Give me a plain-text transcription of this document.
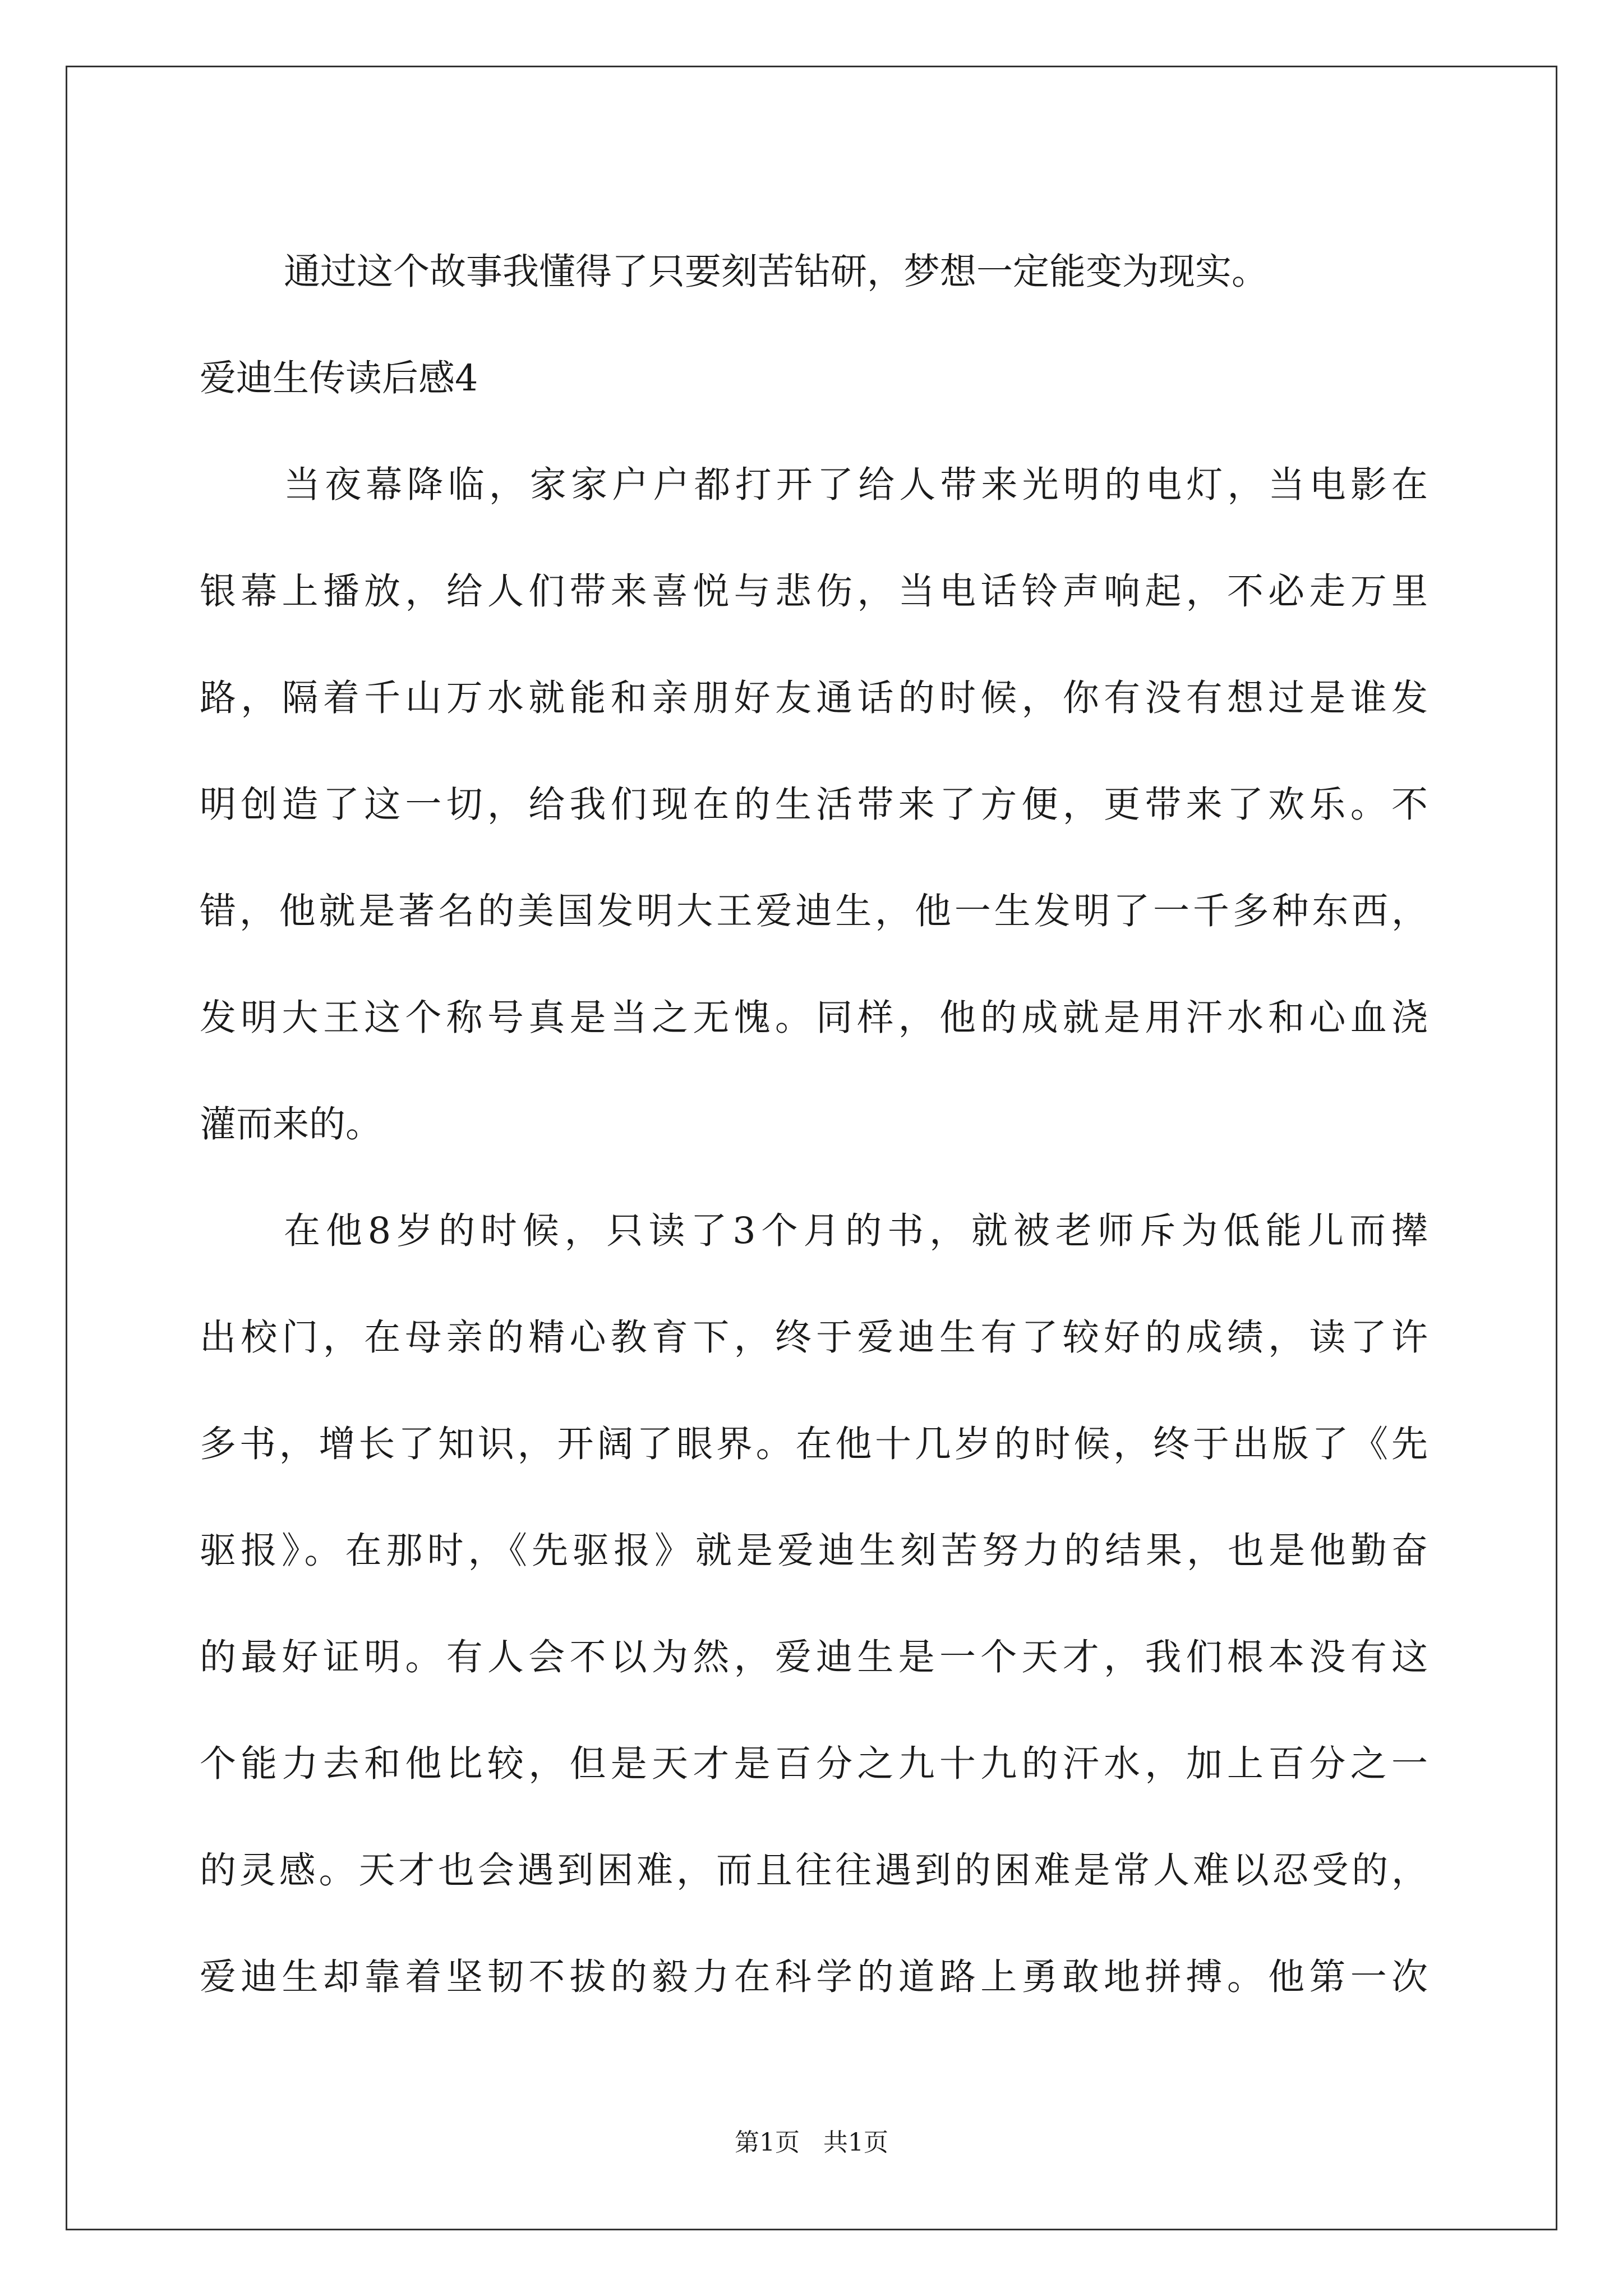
通过这个故事我懂得了只要刻苦钻研，梦想一定能变为现实。
爱迪生传读后感4
当夜幕降临，家家户户都打开了给人带来光明的电灯，当电影在
银幕上播放，给人们带来喜悦与悲伤，当电话铃声响起，不必走万里
路，隔着千山万水就能和亲朋好友通话的时候，你有没有想过是谁发
明创造了这一切，给我们现在的生活带来了方便，更带来了欢乐。不
错，他就是著名的美国发明大王爱迪生，他一生发明了一千多种东西，
发明大王这个称号真是当之无愧。同样，他的成就是用汗水和心血浇
灌而来的。
在他8岁的时候，只读了3个月的书，就被老师斥为低能儿而撵
出校门，在母亲的精心教育下，终于爱迪生有了较好的成绩，读了许
多书，增长了知识，开阔了眼界。在他十几岁的时候，终于出版了《先
驱报》。在那时，《先驱报》就是爱迪生刻苦努力的结果，也是他勤奋
的最好证明。有人会不以为然，爱迪生是一个天才，我们根本没有这
个能力去和他比较，但是天才是百分之九十九的汗水，加上百分之一
的灵感。天才也会遇到困难，而且往往遇到的困难是常人难以忍受的，
爱迪生却靠着坚韧不拔的毅力在科学的道路上勇敢地拼搏。他第一次
第1页   共1页
